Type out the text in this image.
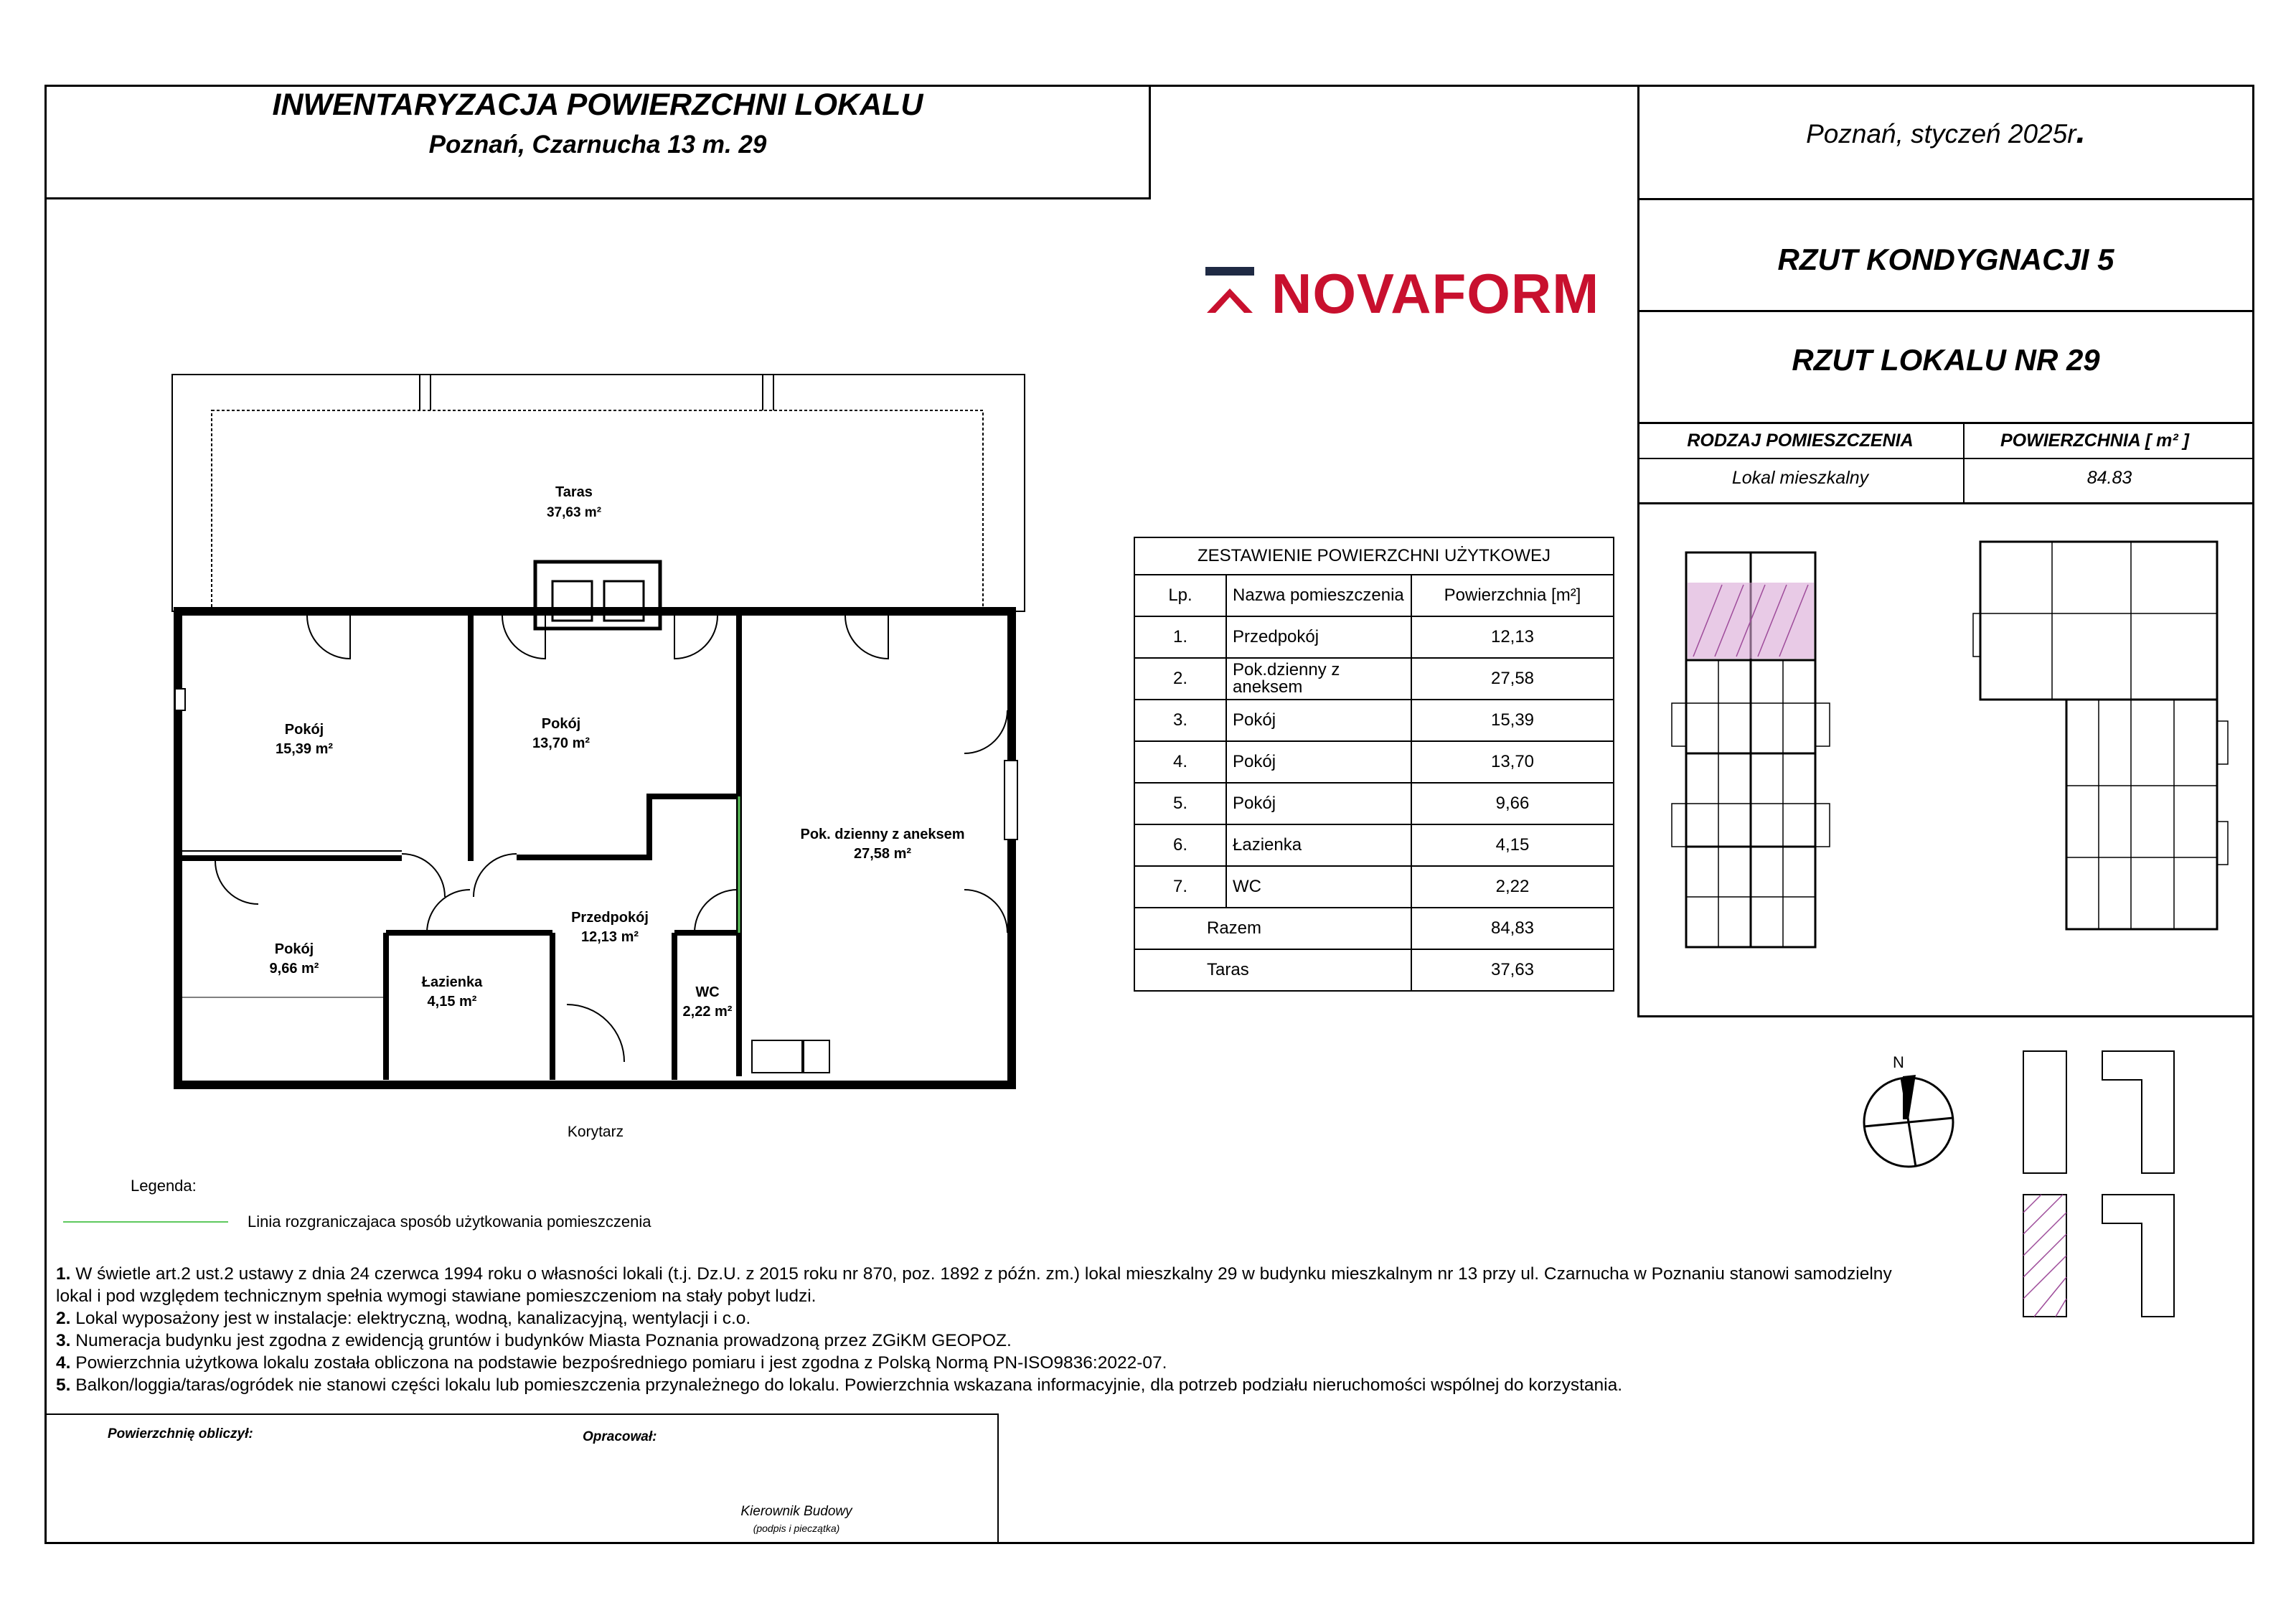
INWENTARYZACJA POWIERZCHNI LOKALU
Poznań, Czarnucha 13 m. 29	Poznań, styczeń 2025r.
RZUT KONDYGNACJI 5
RZUT LOKALU NR 29
RODZAJ POMIESZCZENIA	POWIERZCHNIA [ m² ]
Lokal mieszkalny	84.83
NOVAFORM
Taras
37,63 m²
Pokój
15,39 m²
Pokój
13,70 m²
Pok. dzienny z aneksem
27,58 m²
Przedpokój
12,13 m²
Pokój
9,66 m²
Łazienka
4,15 m²
WC
2,22 m²
Korytarz
ZESTAWIENIE POWIERZCHNI UŻYTKOWEJ		
Lp.	Nazwa pomieszczenia	Powierzchnia [m²]
1.	Przedpokój	12,13
2.	Pok.dzienny z aneksem	27,58
3.	Pokój	15,39
4.	Pokój	13,70
5.	Pokój	9,66
6.	Łazienka	4,15
7.	WC	2,22
Razem		84,83
Taras		37,63
N
Legenda:
Linia rozgraniczajaca sposób użytkowania pomieszczenia
1. W świetle art.2 ust.2 ustawy z dnia 24 czerwca 1994 roku o własności lokali (t.j. Dz.U. z 2015 roku nr 870, poz. 1892 z późn. zm.) lokal mieszkalny 29 w budynku mieszkalnym nr 13 przy ul. Czarnucha w Poznaniu stanowi samodzielny lokal i pod względem technicznym spełnia wymogi stawiane pomieszczeniom na stały pobyt ludzi.
2. Lokal wyposażony jest w instalacje: elektryczną, wodną, kanalizacyjną, wentylacji i c.o.
3. Numeracja budynku jest zgodna z ewidencją gruntów i budynków Miasta Poznania prowadzoną przez ZGiKM GEOPOZ.
4. Powierzchnia użytkowa lokalu została obliczona na podstawie bezpośredniego pomiaru i jest zgodna z Polską Normą PN-ISO9836:2022-07.
5. Balkon/loggia/taras/ogródek nie stanowi części lokalu lub pomieszczenia przynależnego do lokalu. Powierzchnia wskazana informacyjnie, dla potrzeb podziału nieruchomości wspólnej do korzystania.
Powierzchnię obliczył:	Opracował:
Kierownik Budowy
(podpis i pieczątka)
